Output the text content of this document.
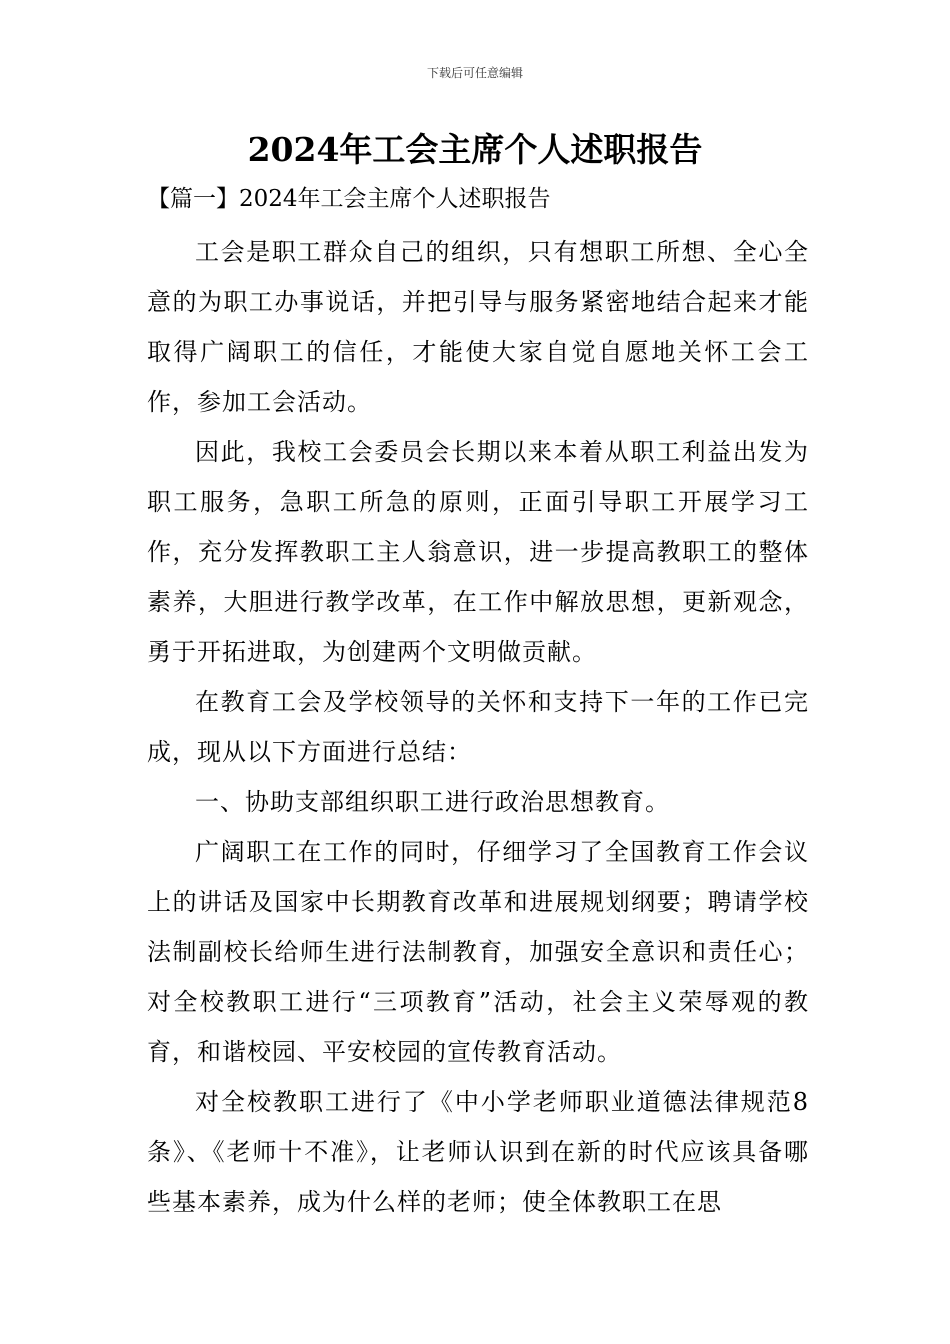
下载后可任意编辑
2024年工会主席个人述职报告

【篇一】2024年工会主席个人述职报告

工会是职工群众自己的组织，只有想职工所想、全心全意的为职工办事说话，并把引导与服务紧密地结合起来才能取得广阔职工的信任，才能使大家自觉自愿地关怀工会工作，参加工会活动。

因此，我校工会委员会长期以来本着从职工利益出发为职工服务，急职工所急的原则，正面引导职工开展学习工作，充分发挥教职工主人翁意识，进一步提高教职工的整体素养，大胆进行教学改革，在工作中解放思想，更新观念，勇于开拓进取，为创建两个文明做贡献。

在教育工会及学校领导的关怀和支持下一年的工作已完成，现从以下方面进行总结：

一、协助支部组织职工进行政治思想教育。

广阔职工在工作的同时，仔细学习了全国教育工作会议上的讲话及国家中长期教育改革和进展规划纲要；聘请学校法制副校长给师生进行法制教育，加强安全意识和责任心；对全校教职工进行“三项教育”活动，社会主义荣辱观的教育，和谐校园、平安校园的宣传教育活动。

对全校教职工进行了《中小学老师职业道德法律规范8条》、《老师十不准》，让老师认识到在新的时代应该具备哪些基本素养，成为什么样的老师；使全体教职工在思
